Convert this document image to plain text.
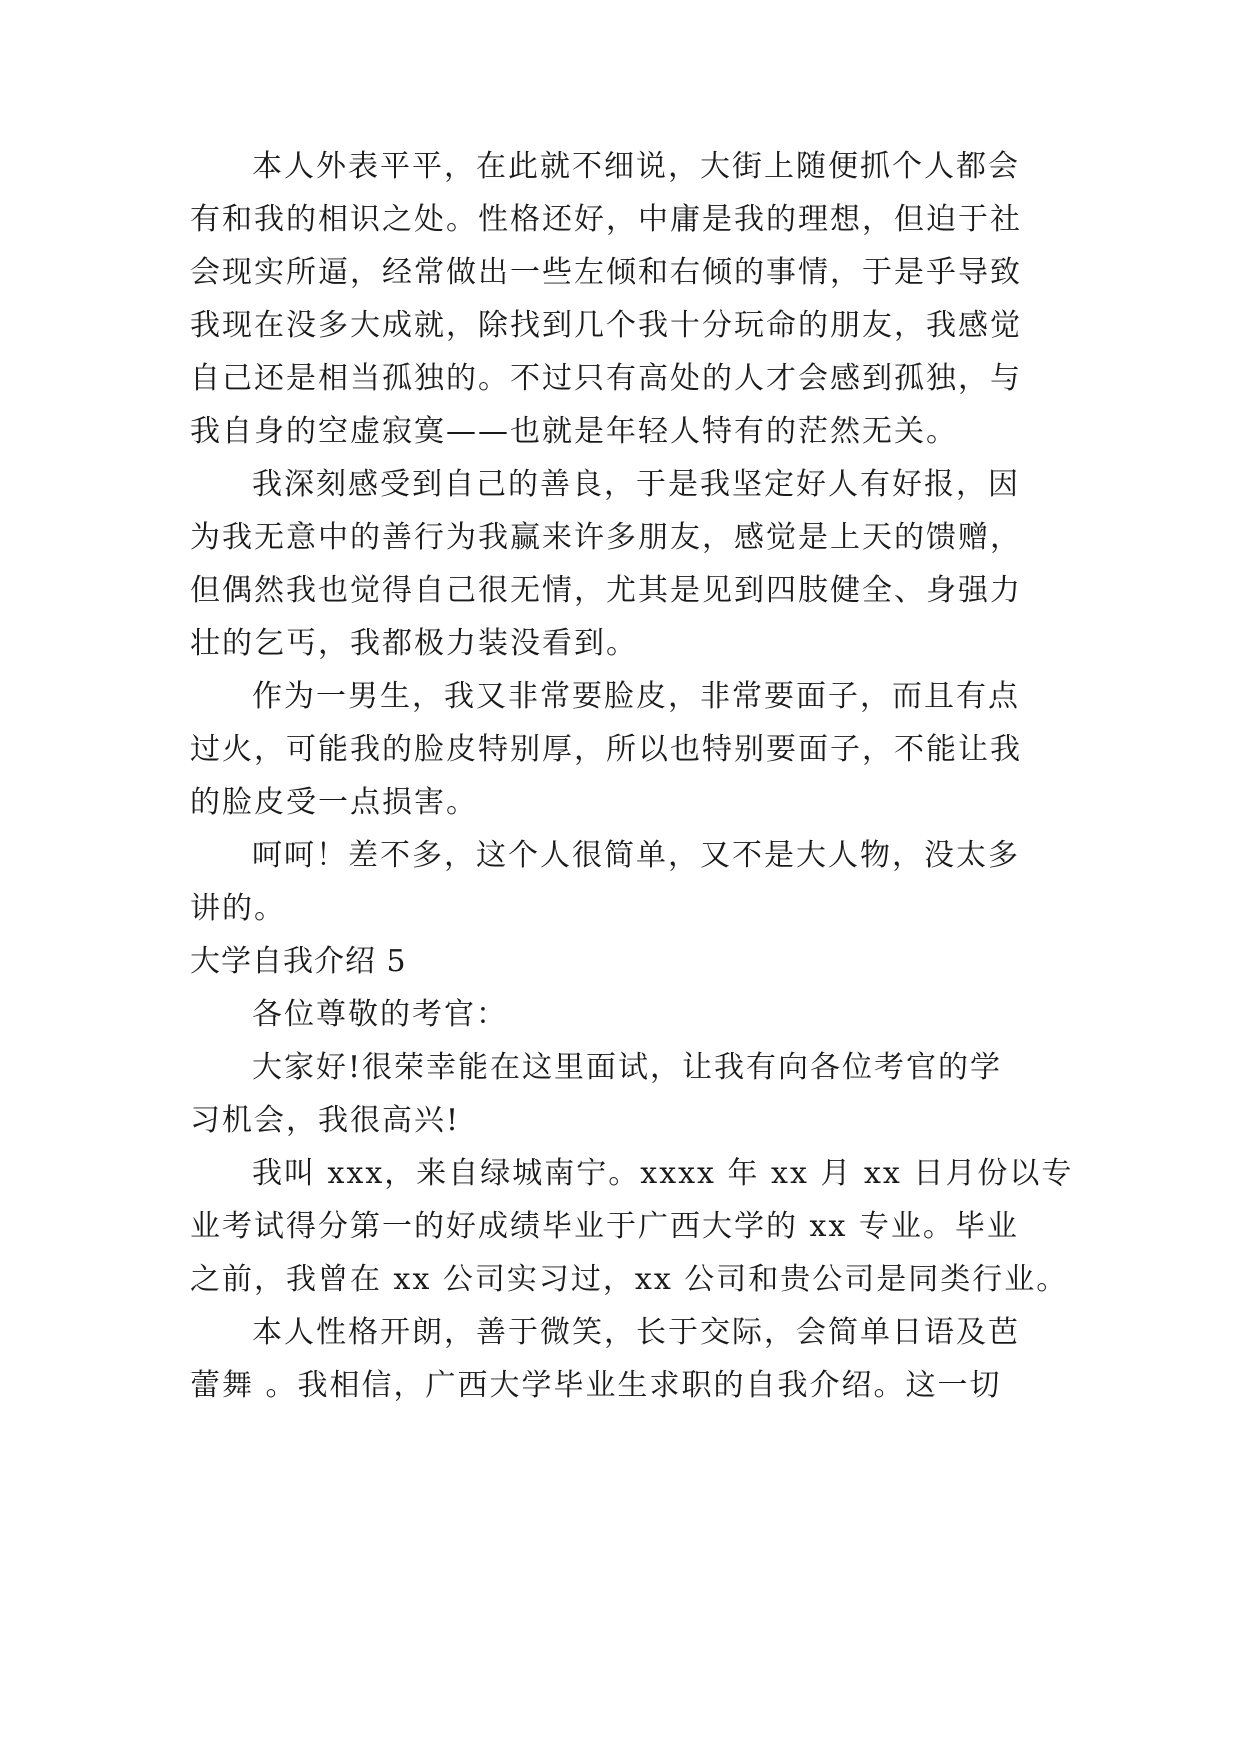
本人外表平平，在此就不细说，大街上随便抓个人都会
有和我的相识之处。性格还好，中庸是我的理想，但迫于社
会现实所逼，经常做出一些左倾和右倾的事情，于是乎导致
我现在没多大成就，除找到几个我十分玩命的朋友，我感觉
自己还是相当孤独的。不过只有高处的人才会感到孤独，与
我自身的空虚寂寞——也就是年轻人特有的茫然无关。
我深刻感受到自己的善良，于是我坚定好人有好报，因
为我无意中的善行为我赢来许多朋友，感觉是上天的馈赠，
但偶然我也觉得自己很无情，尤其是见到四肢健全、身强力
壮的乞丐，我都极力装没看到。
作为一男生，我又非常要脸皮，非常要面子，而且有点
过火，可能我的脸皮特别厚，所以也特别要面子，不能让我
的脸皮受一点损害。
呵呵！差不多，这个人很简单，又不是大人物，没太多
讲的。
大学自我介绍 5
各位尊敬的考官：
大家好!很荣幸能在这里面试，让我有向各位考官的学
习机会，我很高兴!
我叫 xxx，来自绿城南宁。xxxx 年 xx 月 xx 日月份以专
业考试得分第一的好成绩毕业于广西大学的 xx 专业。毕业
之前，我曾在 xx 公司实习过，xx 公司和贵公司是同类行业。
本人性格开朗，善于微笑，长于交际，会简单日语及芭
蕾舞 。我相信，广西大学毕业生求职的自我介绍。这一切
